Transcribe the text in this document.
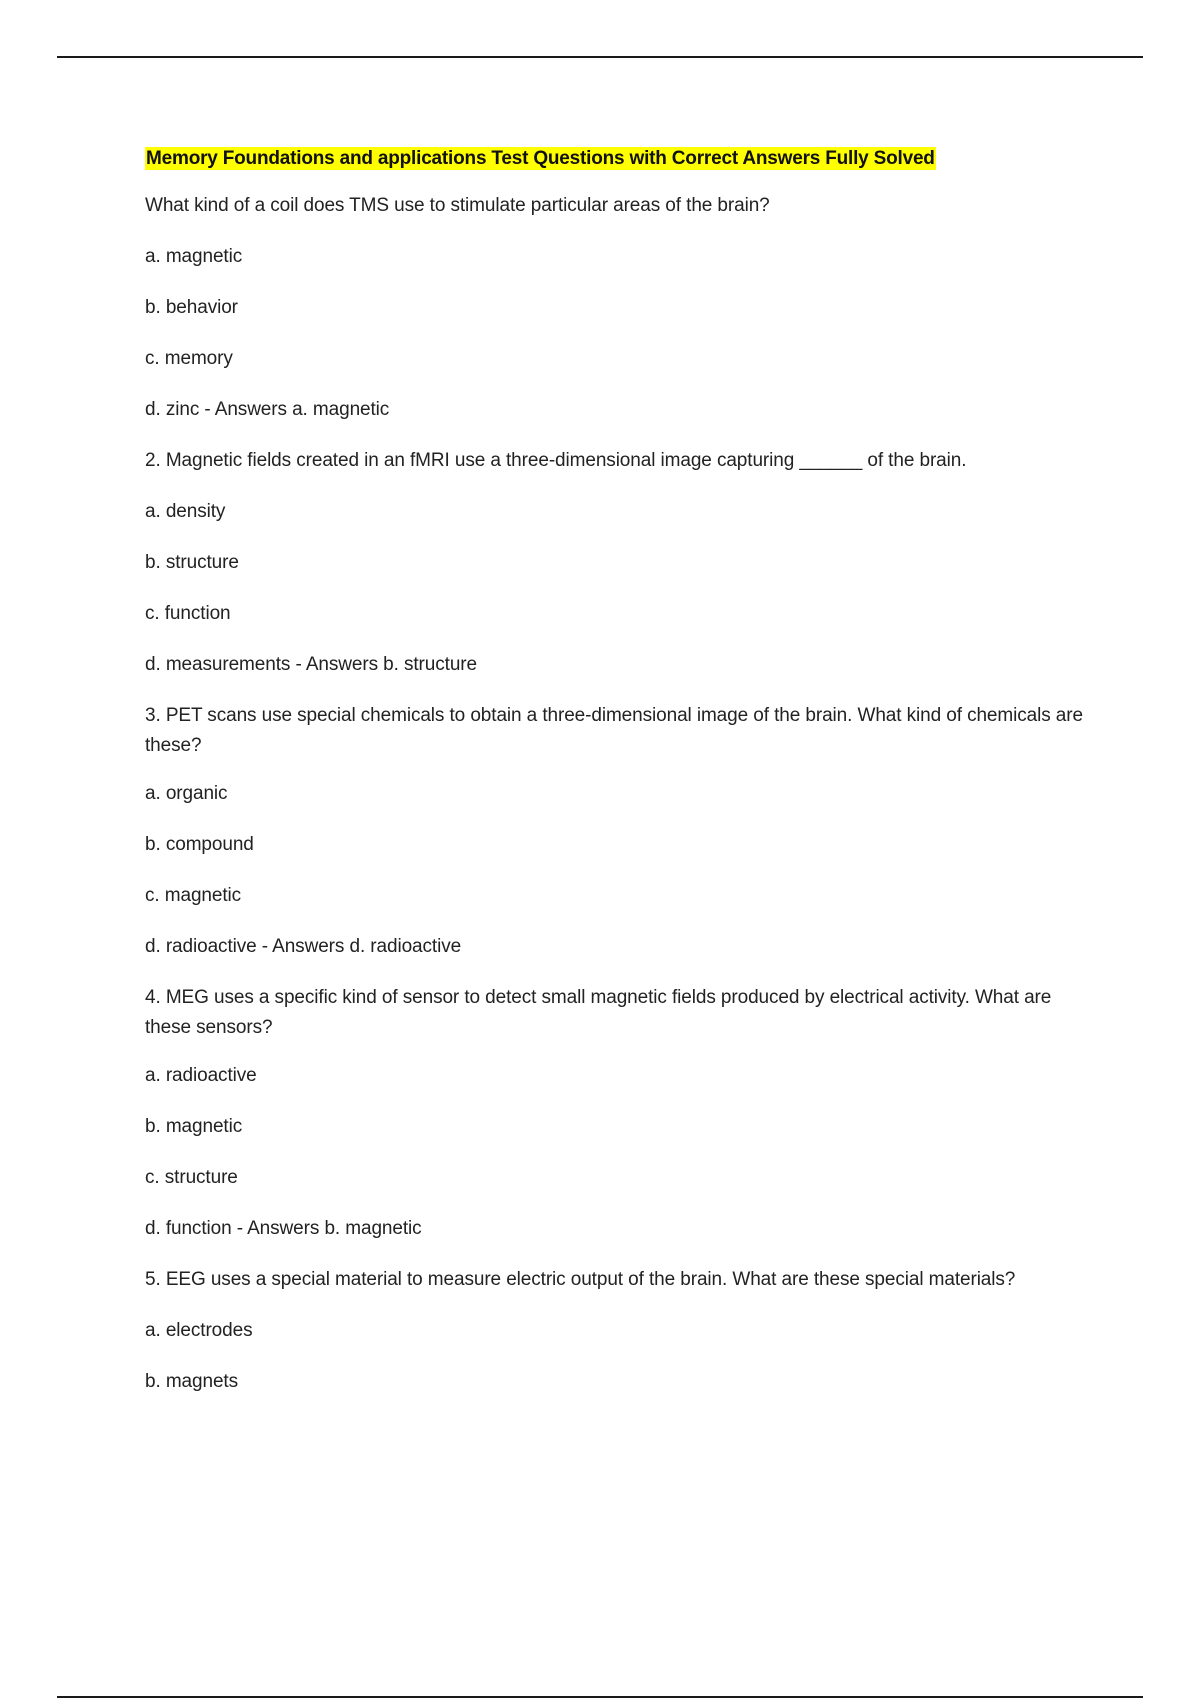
Memory Foundations and applications Test Questions with Correct Answers Fully Solved

What kind of a coil does TMS use to stimulate particular areas of the brain?

a. magnetic

b. behavior

c. memory

d. zinc - Answers a. magnetic

2. Magnetic fields created in an fMRI use a three-dimensional image capturing ______ of the brain.

a. density

b. structure

c. function

d. measurements - Answers b. structure

3. PET scans use special chemicals to obtain a three-dimensional image of the brain. What kind of chemicals are these?

a. organic

b. compound

c. magnetic

d. radioactive - Answers d. radioactive

4. MEG uses a specific kind of sensor to detect small magnetic fields produced by electrical activity. What are these sensors?

a. radioactive

b. magnetic

c. structure

d. function - Answers b. magnetic

5. EEG uses a special material to measure electric output of the brain. What are these special materials?

a. electrodes

b. magnets
